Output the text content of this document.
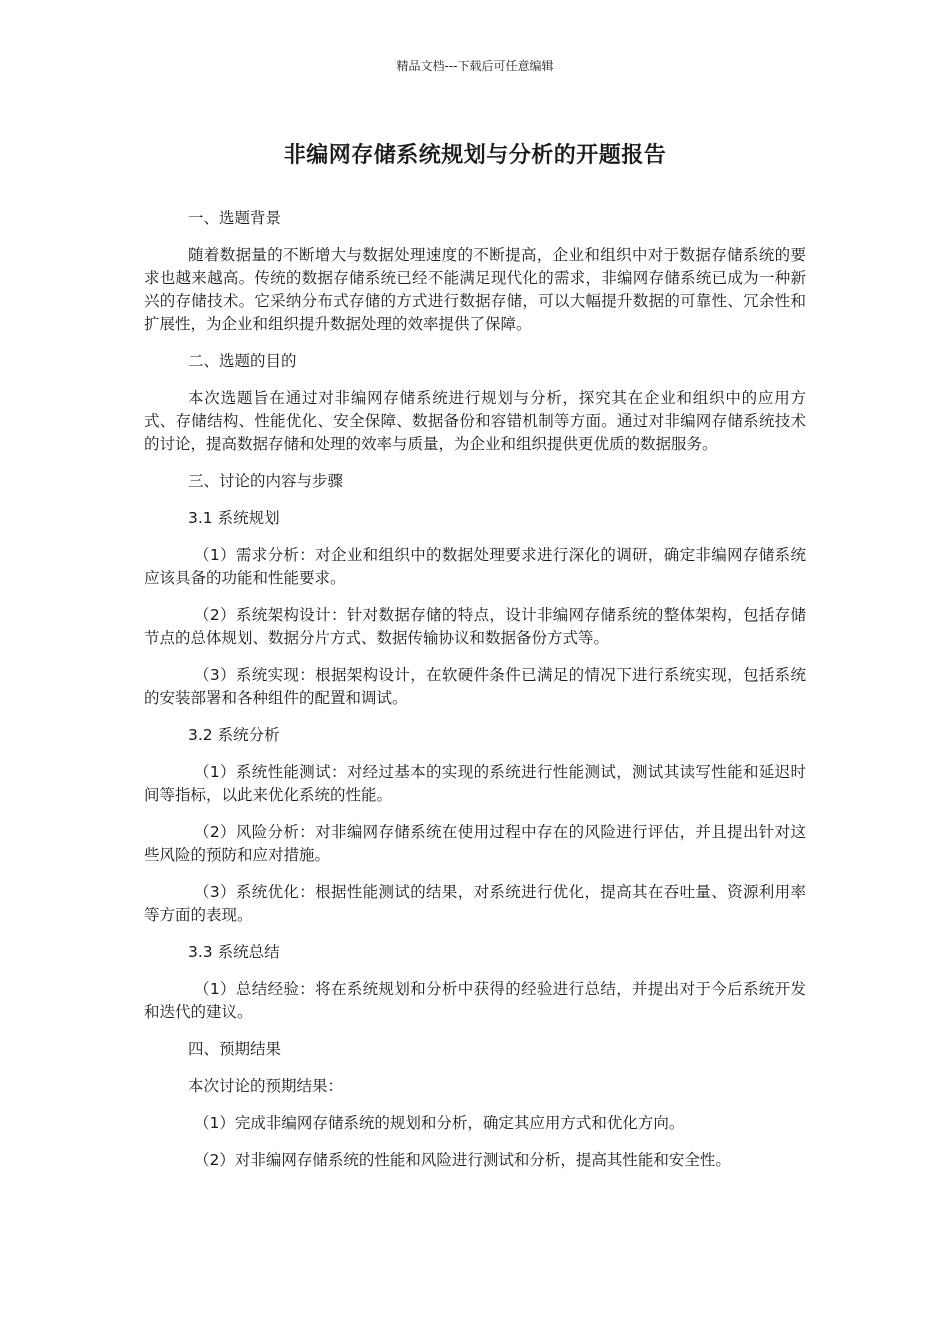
精品文档---下载后可任意编辑
非编网存储系统规划与分析的开题报告

一、选题背景

随着数据量的不断增大与数据处理速度的不断提高，企业和组织中对于数据存储系统的要求也越来越高。传统的数据存储系统已经不能满足现代化的需求，非编网存储系统已成为一种新兴的存储技术。它采纳分布式存储的方式进行数据存储，可以大幅提升数据的可靠性、冗余性和扩展性，为企业和组织提升数据处理的效率提供了保障。

二、选题的目的

本次选题旨在通过对非编网存储系统进行规划与分析，探究其在企业和组织中的应用方式、存储结构、性能优化、安全保障、数据备份和容错机制等方面。通过对非编网存储系统技术的讨论，提高数据存储和处理的效率与质量，为企业和组织提供更优质的数据服务。

三、讨论的内容与步骤

3.1 系统规划

（1）需求分析：对企业和组织中的数据处理要求进行深化的调研，确定非编网存储系统应该具备的功能和性能要求。

（2）系统架构设计：针对数据存储的特点，设计非编网存储系统的整体架构，包括存储节点的总体规划、数据分片方式、数据传输协议和数据备份方式等。

（3）系统实现：根据架构设计，在软硬件条件已满足的情况下进行系统实现，包括系统的安装部署和各种组件的配置和调试。

3.2 系统分析

（1）系统性能测试：对经过基本的实现的系统进行性能测试，测试其读写性能和延迟时间等指标，以此来优化系统的性能。

（2）风险分析：对非编网存储系统在使用过程中存在的风险进行评估，并且提出针对这些风险的预防和应对措施。

（3）系统优化：根据性能测试的结果，对系统进行优化，提高其在吞吐量、资源利用率等方面的表现。

3.3 系统总结

（1）总结经验：将在系统规划和分析中获得的经验进行总结，并提出对于今后系统开发和迭代的建议。

四、预期结果

本次讨论的预期结果：

（1）完成非编网存储系统的规划和分析，确定其应用方式和优化方向。

（2）对非编网存储系统的性能和风险进行测试和分析，提高其性能和安全性。
